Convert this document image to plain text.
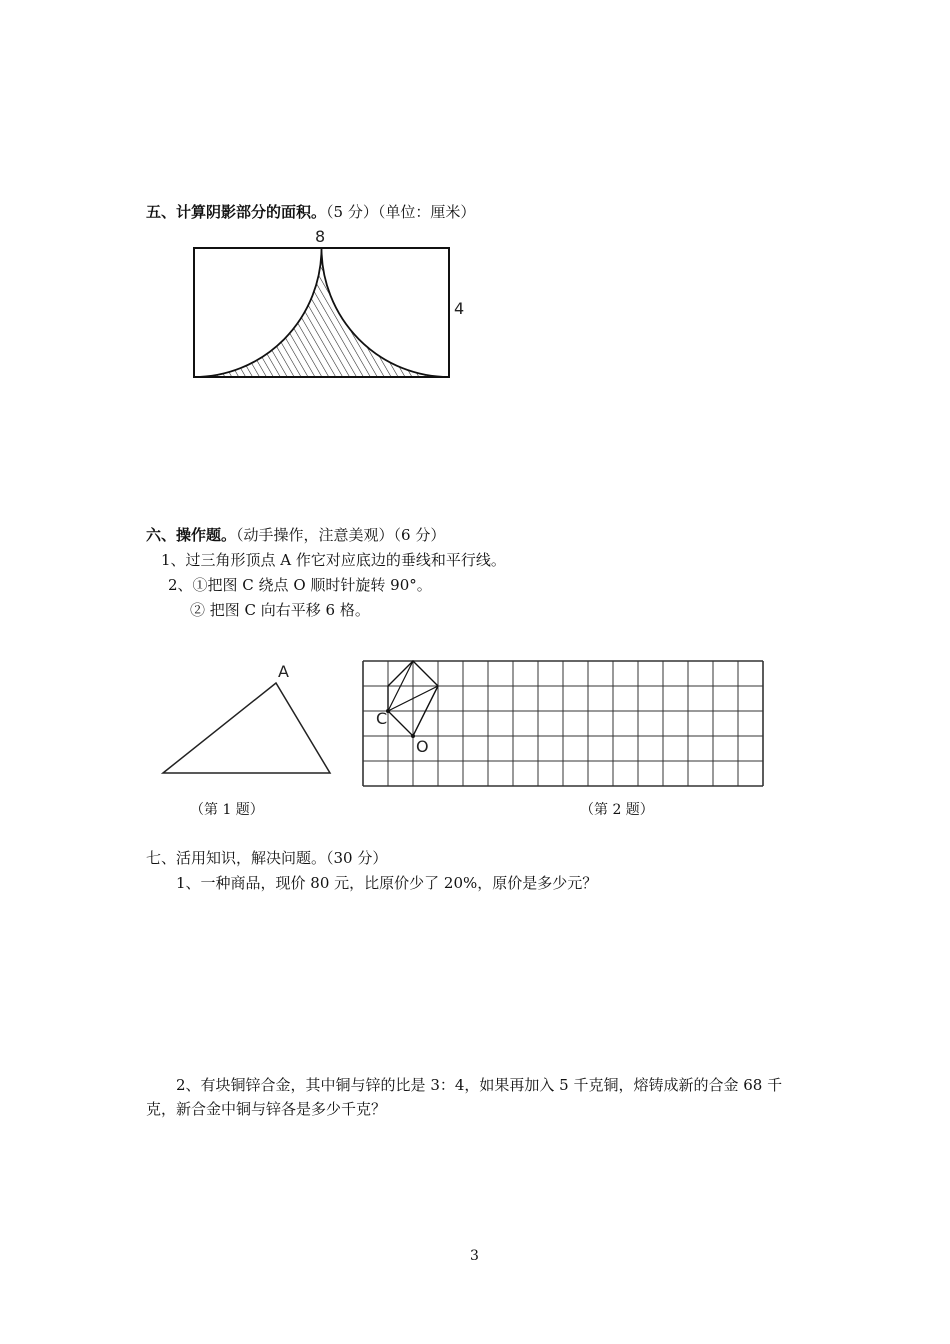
五、计算阴影部分的面积。（5 分）（单位：厘米）
8
4
六、操作题。（动手操作，注意美观）（6 分）
1、过三角形顶点 A 作它对应底边的垂线和平行线。
2、①把图 C 绕点 O 顺时针旋转 90°。
② 把图 C 向右平移 6 格。
A
（第 1 题）
C
O
（第 2 题）
七、活用知识，解决问题。（30 分）
1、一种商品，现价 80 元，比原价少了 20%，原价是多少元？
2、有块铜锌合金，其中铜与锌的比是 3：4，如果再加入 5 千克铜，熔铸成新的合金 68 千
克，新合金中铜与锌各是多少千克？
3
